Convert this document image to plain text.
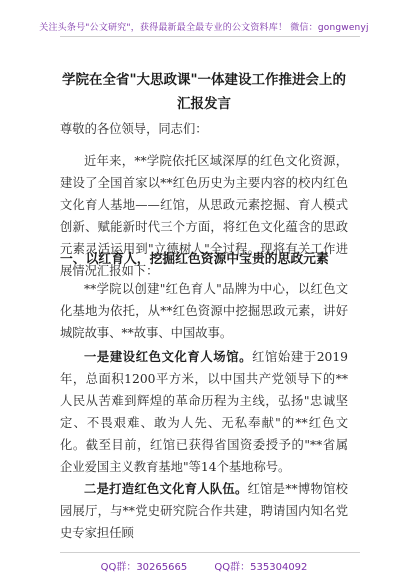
关注头条号"公文研究"，获得最新最全最专业的公文资料库！ 微信：gongwenyj
学院在全省"大思政课"一体建设工作推进会上的汇报发言
尊敬的各位领导，同志们：
近年来，**学院依托区域深厚的红色文化资源，建设了全国首家以**红色历史为主要内容的校内红色文化育人基地——红馆，从思政元素挖掘、育人模式创新、赋能新时代三个方面，将红色文化蕴含的思政元素灵活运用到"立德树人"全过程。现将有关工作进展情况汇报如下：
一、以红育人，挖掘红色资源中宝贵的思政元素
**学院以创建"红色育人"品牌为中心，以红色文化基地为依托，从**红色资源中挖掘思政元素，讲好城院故事、**故事、中国故事。
一是建设红色文化育人场馆。红馆始建于2019年，总面积1200平方米，以中国共产党领导下的**人民从苦难到辉煌的革命历程为主线，弘扬"忠诚坚定、不畏艰难、敢为人先、无私奉献"的**红色文化。截至目前，红馆已获得省国资委授予的"**省属企业爱国主义教育基地"等14个基地称号。
二是打造红色文化育人队伍。红馆是**博物馆校园展厅，与**党史研究院合作共建，聘请国内知名党史专家担任顾
QQ群：30265665	QQ群：535304092
